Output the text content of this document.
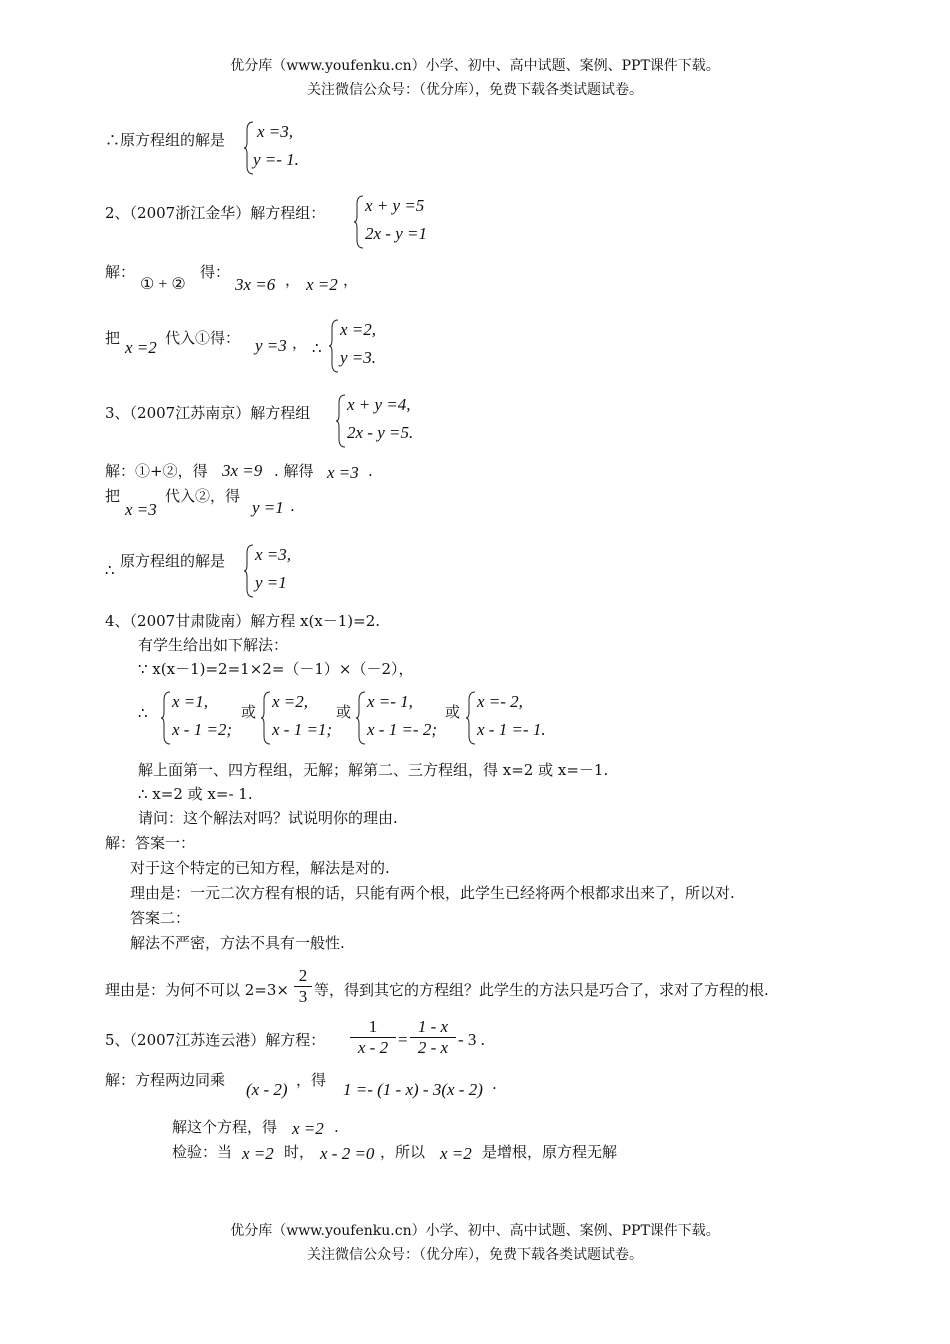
优分库（www.youfenku.cn）小学、初中、高中试题、案例、PPT课件下载。
关注微信公众号：（优分库），免费下载各类试题试卷。
∴原方程组的解是 x =3,
y =- 1.
2、（2007浙江金华）解方程组： x + y =5
2x - y =1
解：
① + ②
得：
3x =6 ， x =2 ，
把 x =2 代入①得： y =3 ， ∴
x =2,
y =3.
3、（2007江苏南京）解方程组 x + y =4,
2x - y =5.
解：①+②，得 3x =9 . 解得 x =3 .
把
x =3
代入②，得
y =1 .
∴ 原方程组的解是 x =3,
y =1
4、（2007甘肃陇南）解方程 x(x－1)=2.
有学生给出如下解法：
∵ x(x－1)=2=1×2=（－1）×（－2），
∴
x =1,
x - 1 =2;
或
x =2,
x - 1 =1;
或
x =- 1,
x - 1 =- 2;
或
x =- 2,
x - 1 =- 1.
解上面第一、四方程组，无解；解第二、三方程组，得 x=2 或 x=－1.
∴ x=2 或 x=- 1.
请问：这个解法对吗？试说明你的理由.
解：答案一：
对于这个特定的已知方程，解法是对的.
理由是：一元二次方程有根的话，只能有两个根，此学生已经将两个根都求出来了，所以对.
答案二：
解法不严密，方法不具有一般性.
理由是：为何不可以 $2=3\times \frac{2}{3}$ 等，得到其它的方程组？此学生的方法只是巧合了，求对了方程的根.
5、（2007江苏连云港）解方程： $\frac{1}{x - 2} = \frac{1 - x}{2 - x} - 3$ .
解：方程两边同乘 (x - 2) ，得 1 =- (1 - x) - 3(x - 2) .
解这个方程，得 x =2 .
检验：当 x =2 时， x - 2 =0 ，所以 x =2 是增根，原方程无解
优分库（www.youfenku.cn）小学、初中、高中试题、案例、PPT课件下载。
关注微信公众号：（优分库），免费下载各类试题试卷。
